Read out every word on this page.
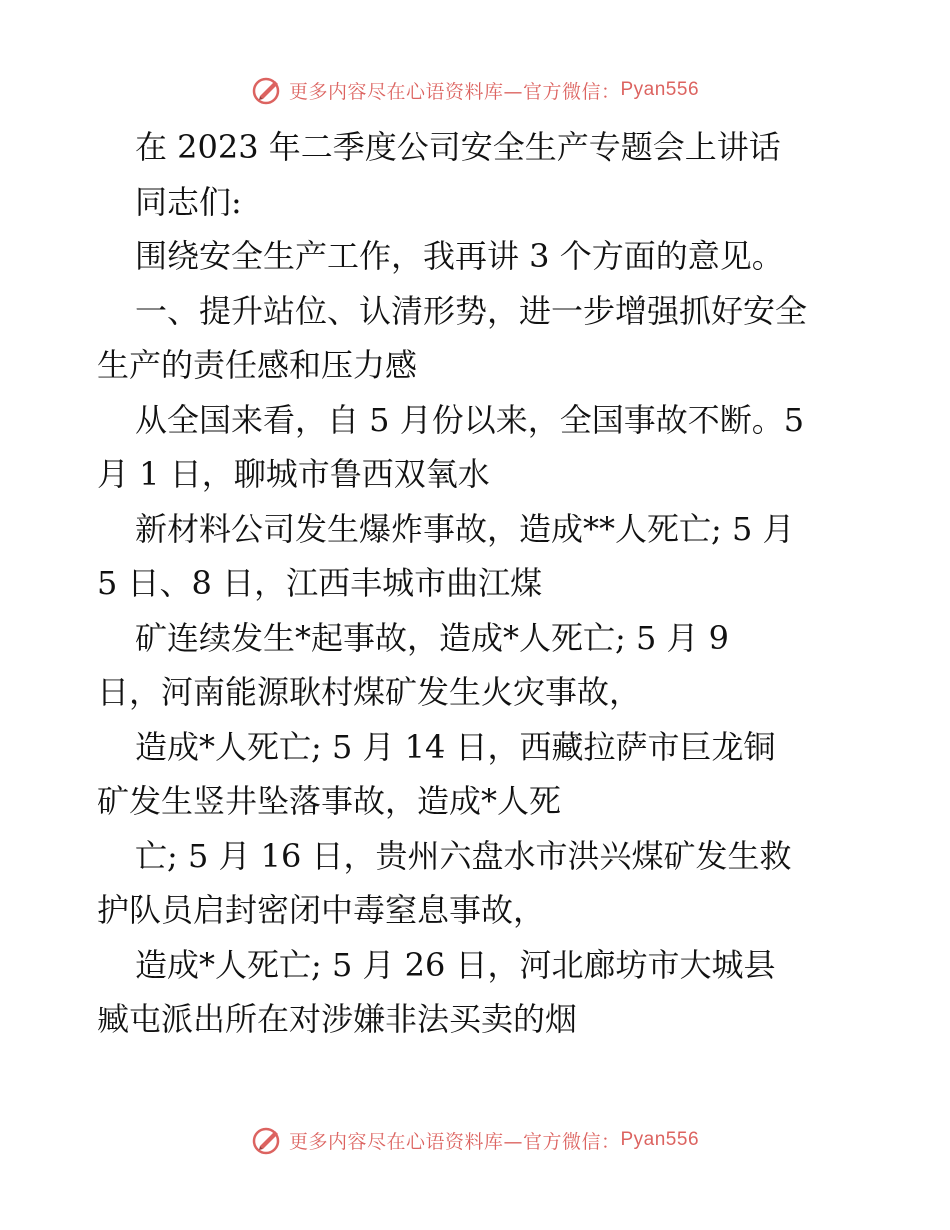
更多内容尽在心语资料库—官方微信： Pyan556
在 2023 年二季度公司安全生产专题会上讲话
同志们:
围绕安全生产工作，我再讲 3 个方面的意见。
一、提升站位、认清形势，进一步增强抓好安全
生产的责任感和压力感
从全国来看，自 5 月份以来，全国事故不断。5
月 1 日，聊城市鲁西双氧水
新材料公司发生爆炸事故，造成**人死亡; 5 月
5 日、8 日，江西丰城市曲江煤
矿连续发生*起事故，造成*人死亡; 5 月 9
日，河南能源耿村煤矿发生火灾事故，
造成*人死亡; 5 月 14 日，西藏拉萨市巨龙铜
矿发生竖井坠落事故，造成*人死
亡; 5 月 16 日，贵州六盘水市洪兴煤矿发生救
护队员启封密闭中毒窒息事故，
造成*人死亡; 5 月 26 日，河北廊坊市大城县
臧屯派出所在对涉嫌非法买卖的烟
更多内容尽在心语资料库—官方微信： Pyan556
